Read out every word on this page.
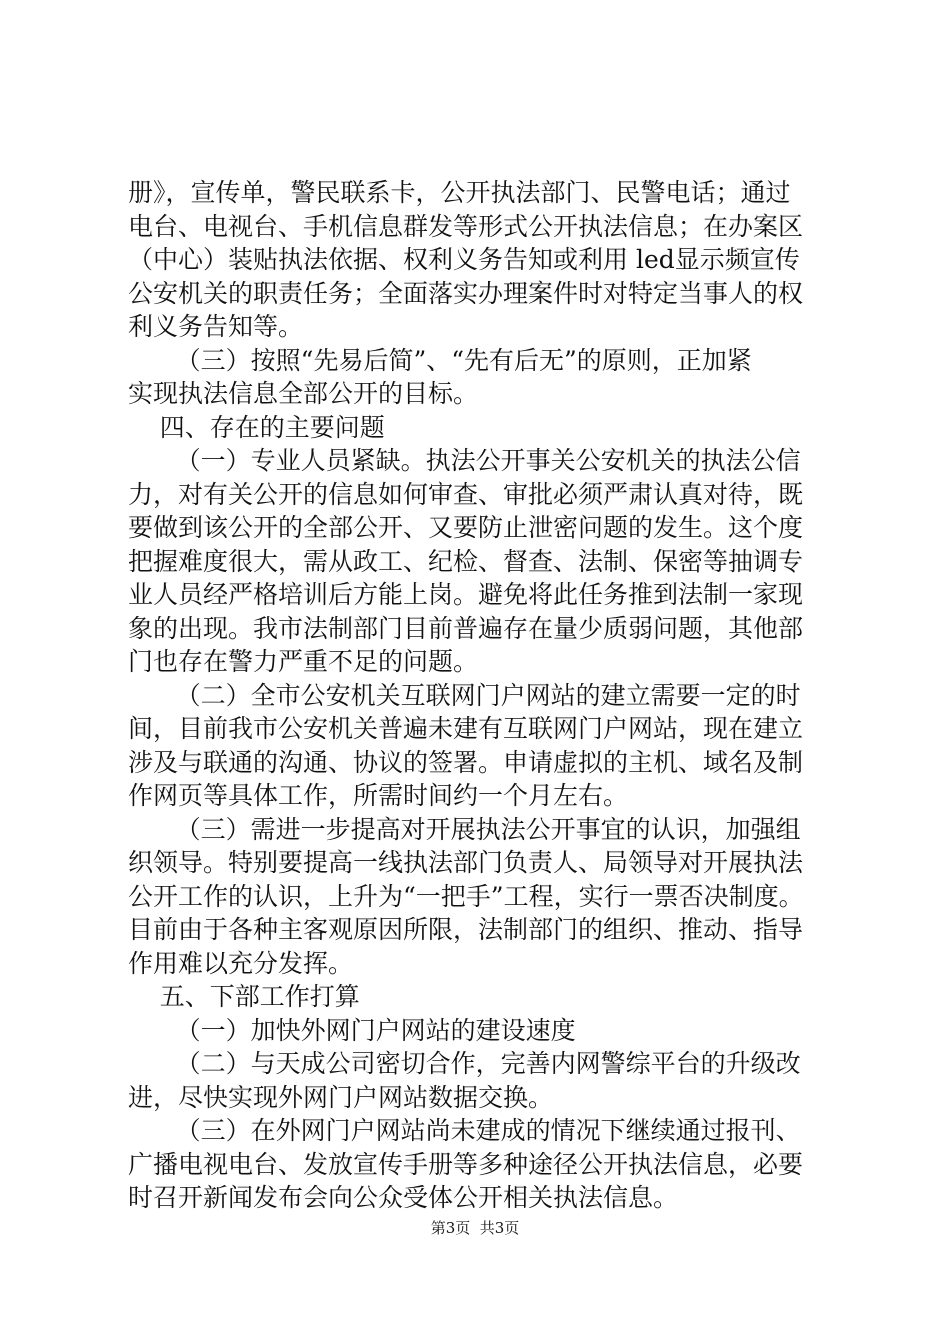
册》，宣传单，警民联系卡，公开执法部门、民警电话；通过
电台、电视台、手机信息群发等形式公开执法信息；在办案区
（中心）装贴执法依据、权利义务告知或利用 led显示频宣传
公安机关的职责任务；全面落实办理案件时对特定当事人的权
利义务告知等。
（三）按照“先易后简”、“先有后无”的原则，正加紧
实现执法信息全部公开的目标。
四、存在的主要问题
（一）专业人员紧缺。执法公开事关公安机关的执法公信
力，对有关公开的信息如何审查、审批必须严肃认真对待，既
要做到该公开的全部公开、又要防止泄密问题的发生。这个度
把握难度很大，需从政工、纪检、督查、法制、保密等抽调专
业人员经严格培训后方能上岗。避免将此任务推到法制一家现
象的出现。我市法制部门目前普遍存在量少质弱问题，其他部
门也存在警力严重不足的问题。
（二）全市公安机关互联网门户网站的建立需要一定的时
间，目前我市公安机关普遍未建有互联网门户网站，现在建立
涉及与联通的沟通、协议的签署。申请虚拟的主机、域名及制
作网页等具体工作，所需时间约一个月左右。
（三）需进一步提高对开展执法公开事宜的认识，加强组
织领导。特别要提高一线执法部门负责人、局领导对开展执法
公开工作的认识，上升为“一把手”工程，实行一票否决制度。
目前由于各种主客观原因所限，法制部门的组织、推动、指导
作用难以充分发挥。
五、下部工作打算
（一）加快外网门户网站的建设速度
（二）与天成公司密切合作，完善内网警综平台的升级改
进，尽快实现外网门户网站数据交换。
（三）在外网门户网站尚未建成的情况下继续通过报刊、
广播电视电台、发放宣传手册等多种途径公开执法信息，必要
时召开新闻发布会向公众受体公开相关执法信息。
第3页  共3页
